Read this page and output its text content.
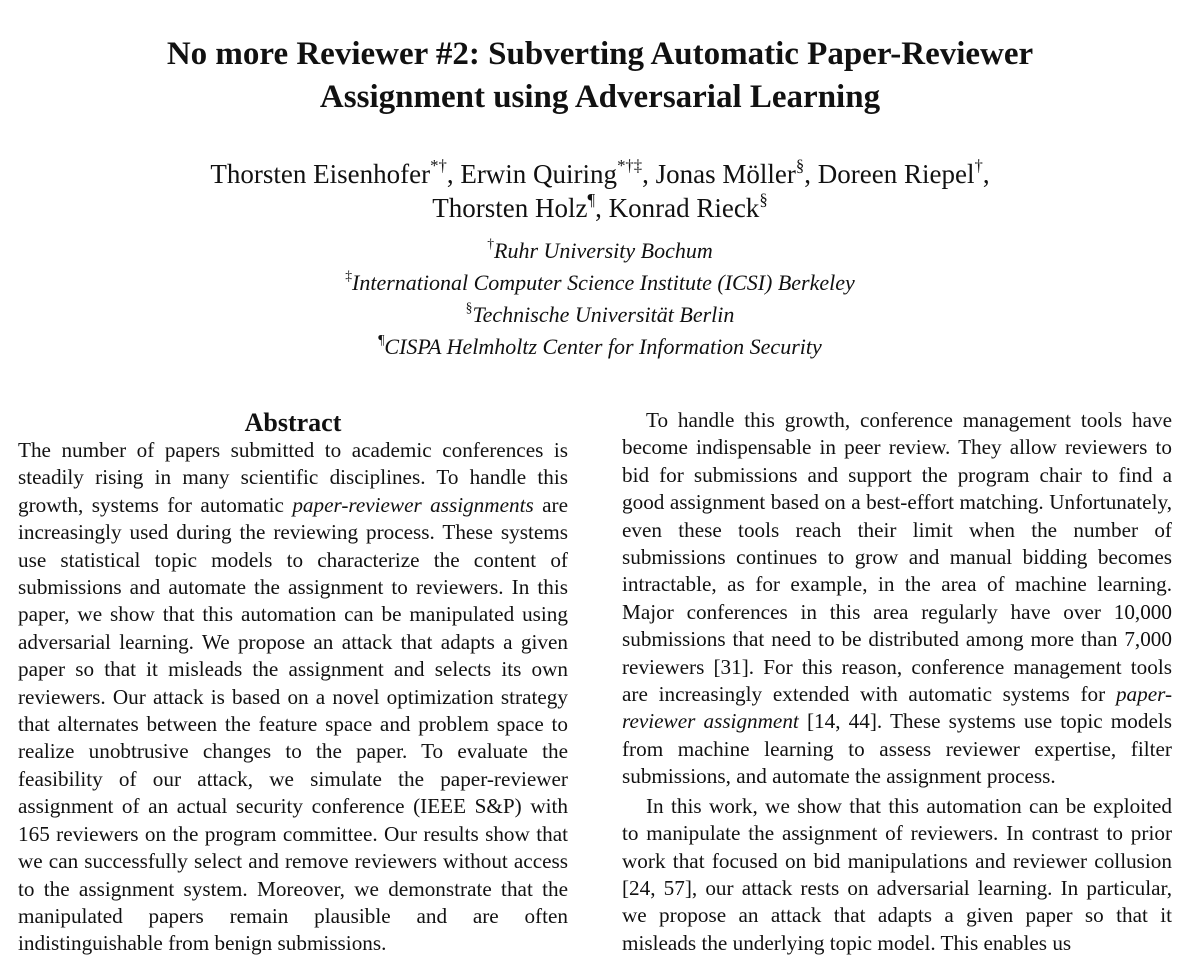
No more Reviewer #2: Subverting Automatic Paper-Reviewer
Assignment using Adversarial Learning
Thorsten Eisenhofer*†, Erwin Quiring*†‡, Jonas Möller§, Doreen Riepel†,
Thorsten Holz¶, Konrad Rieck§
†Ruhr University Bochum
‡International Computer Science Institute (ICSI) Berkeley
§Technische Universität Berlin
¶CISPA Helmholtz Center for Information Security
Abstract

The number of papers submitted to academic conferences is steadily rising in many scientific disciplines. To handle this growth, systems for automatic paper-reviewer assignments are increasingly used during the reviewing process. These systems use statistical topic models to characterize the content of submissions and automate the assignment to reviewers. In this paper, we show that this automation can be manipulated using adversarial learning. We propose an attack that adapts a given paper so that it misleads the assignment and selects its own reviewers. Our attack is based on a novel optimization strategy that alternates between the feature space and problem space to realize unobtrusive changes to the paper. To evaluate the feasibility of our attack, we simulate the paper-reviewer assignment of an actual security conference (IEEE S&P) with 165 reviewers on the program committee. Our results show that we can successfully select and remove reviewers without access to the assignment system. Moreover, we demonstrate that the manipulated papers remain plausible and are often indistinguishable from benign submissions.

To handle this growth, conference management tools have become indispensable in peer review. They allow reviewers to bid for submissions and support the program chair to find a good assignment based on a best-effort matching. Unfortunately, even these tools reach their limit when the number of submissions continues to grow and manual bidding becomes intractable, as for example, in the area of machine learning. Major conferences in this area regularly have over 10,000 submissions that need to be distributed among more than 7,000 reviewers [31]. For this reason, conference management tools are increasingly extended with automatic systems for paper-reviewer assignment [14, 44]. These systems use topic models from machine learning to assess reviewer expertise, filter submissions, and automate the assignment process.

In this work, we show that this automation can be exploited to manipulate the assignment of reviewers. In contrast to prior work that focused on bid manipulations and reviewer collusion [24, 57], our attack rests on adversarial learning. In particular, we propose an attack that adapts a given paper so that it misleads the underlying topic model. This enables us
